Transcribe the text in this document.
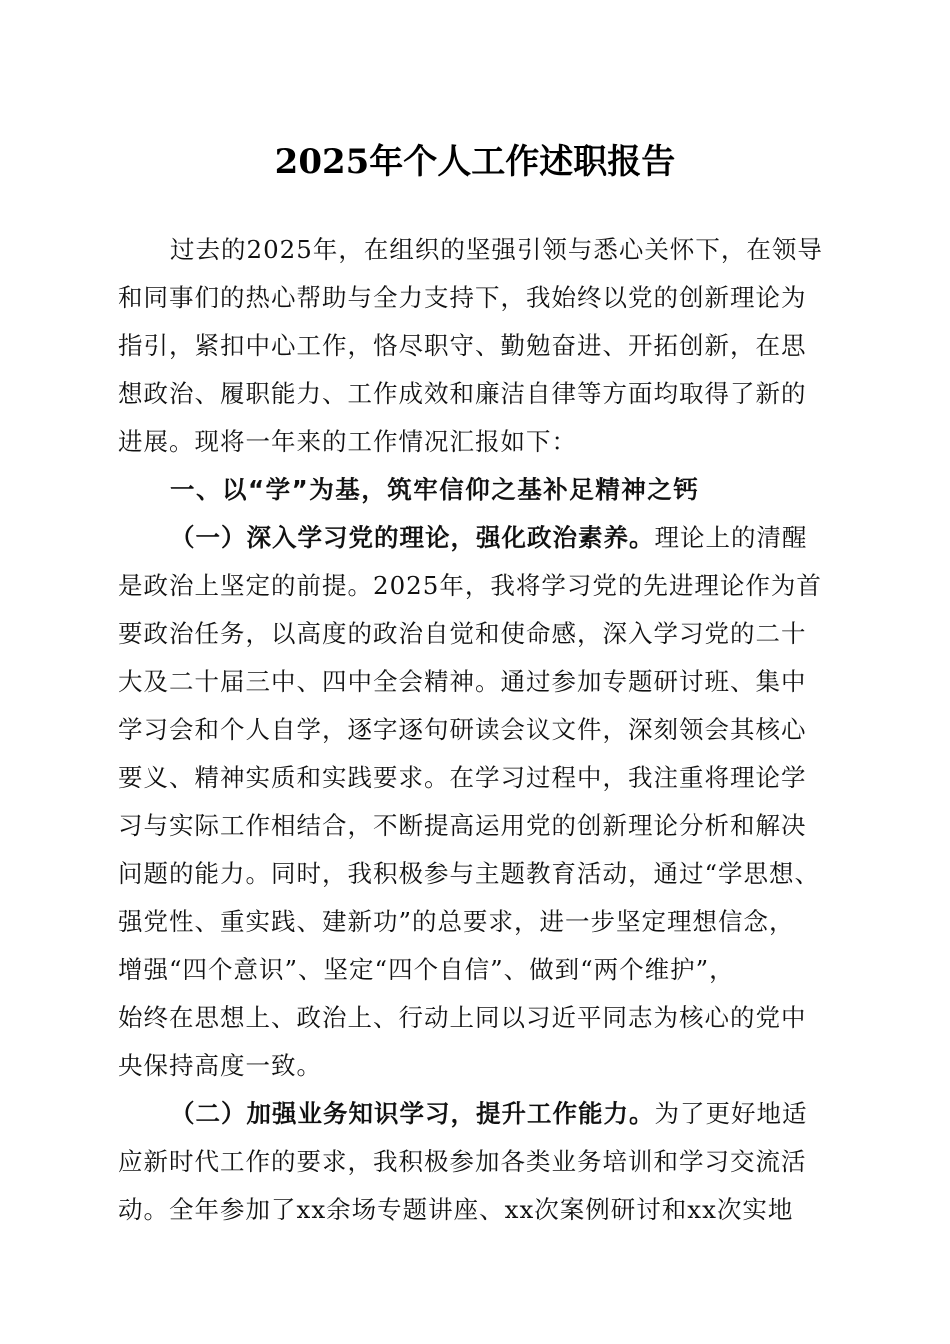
2025年个人工作述职报告
过去的2025年，在组织的坚强引领与悉心关怀下，在领导
和同事们的热心帮助与全力支持下，我始终以党的创新理论为
指引，紧扣中心工作，恪尽职守、勤勉奋进、开拓创新，在思
想政治、履职能力、工作成效和廉洁自律等方面均取得了新的
进展。现将一年来的工作情况汇报如下：
一、以“学”为基，筑牢信仰之基补足精神之钙
（一）深入学习党的理论，强化政治素养。理论上的清醒
是政治上坚定的前提。2025年，我将学习党的先进理论作为首
要政治任务，以高度的政治自觉和使命感，深入学习党的二十
大及二十届三中、四中全会精神。通过参加专题研讨班、集中
学习会和个人自学，逐字逐句研读会议文件，深刻领会其核心
要义、精神实质和实践要求。在学习过程中，我注重将理论学
习与实际工作相结合，不断提高运用党的创新理论分析和解决
问题的能力。同时，我积极参与主题教育活动，通过“学思想、
强党性、重实践、建新功”的总要求，进一步坚定理想信念，
增强“四个意识”、坚定“四个自信”、做到“两个维护”，
始终在思想上、政治上、行动上同以习近平同志为核心的党中
央保持高度一致。
（二）加强业务知识学习，提升工作能力。为了更好地适
应新时代工作的要求，我积极参加各类业务培训和学习交流活
动。全年参加了xx余场专题讲座、xx次案例研讨和xx次实地
